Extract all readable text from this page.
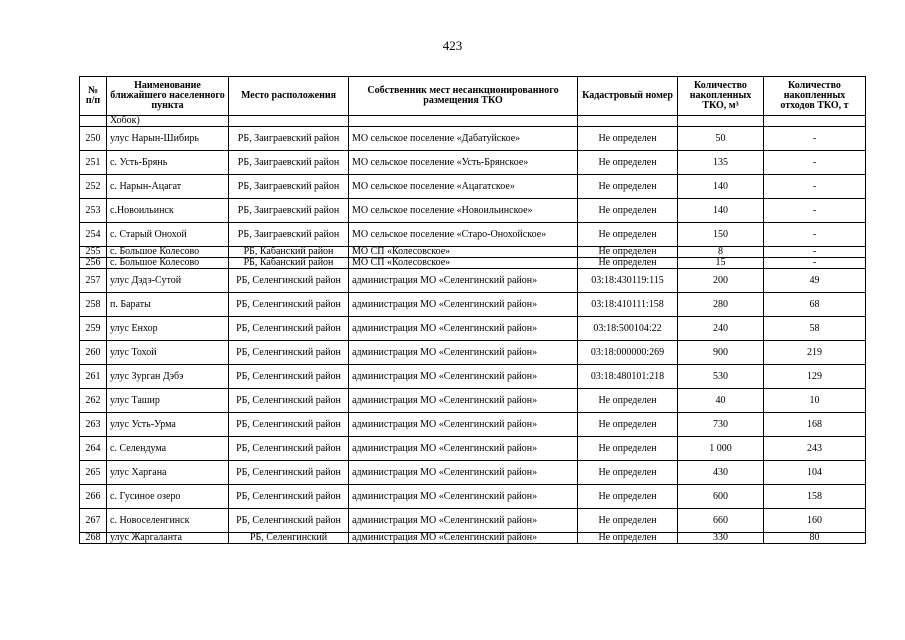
423
№ п/п	Наименование ближайшего населенного пункта	Место расположения	Собственник мест несанкционированного размещения ТКО	Кадастровый номер	Количество накопленных ТКО, м³	Количество накопленных отходов ТКО, т
	Хобок)					
250	улус Нарын-Шибирь	РБ, Заиграевский район	МО сельское поселение «Дабатуйское»	Не определен	50	-
251	с. Усть-Брянь	РБ, Заиграевский район	МО сельское поселение «Усть-Брянское»	Не определен	135	-
252	с. Нарын-Ацагат	РБ, Заиграевский район	МО сельское поселение «Ацагатское»	Не определен	140	-
253	с.Новоильинск	РБ, Заиграевский район	МО сельское поселение «Новоильинское»	Не определен	140	-
254	с. Старый Онохой	РБ, Заиграевский район	МО сельское поселение «Старо-Онохойское»	Не определен	150	-
255	с. Большое Колесово	РБ, Кабанский район	МО СП «Колесовское»	Не определен	8	-
256	с. Большое Колесово	РБ, Кабанский район	МО СП «Колесовское»	Не определен	15	-
257	улус Дэдэ-Сутой	РБ, Селенгинский район	администрация МО «Селенгинский район»	03:18:430119:115	200	49
258	п. Бараты	РБ, Селенгинский район	администрация МО «Селенгинский район»	03:18:410111:158	280	68
259	улус Енхор	РБ, Селенгинский район	администрация МО «Селенгинский район»	03:18:500104:22	240	58
260	улус Тохой	РБ, Селенгинский район	администрация МО «Селенгинский район»	03:18:000000:269	900	219
261	улус Зурган Дэбэ	РБ, Селенгинский район	администрация МО «Селенгинский район»	03:18:480101:218	530	129
262	улус Ташир	РБ, Селенгинский район	администрация МО «Селенгинский район»	Не определен	40	10
263	улус Усть-Урма	РБ, Селенгинский район	администрация МО «Селенгинский район»	Не определен	730	168
264	с. Селендума	РБ, Селенгинский район	администрация МО «Селенгинский район»	Не определен	1 000	243
265	улус Харгана	РБ, Селенгинский район	администрация МО «Селенгинский район»	Не определен	430	104
266	с. Гусиное озеро	РБ, Селенгинский район	администрация МО «Селенгинский район»	Не определен	600	158
267	с. Новоселенгинск	РБ, Селенгинский район	администрация МО «Селенгинский район»	Не определен	660	160
268	улус Жаргаланта	РБ, Селенгинский	администрация МО «Селенгинский район»	Не определен	330	80
